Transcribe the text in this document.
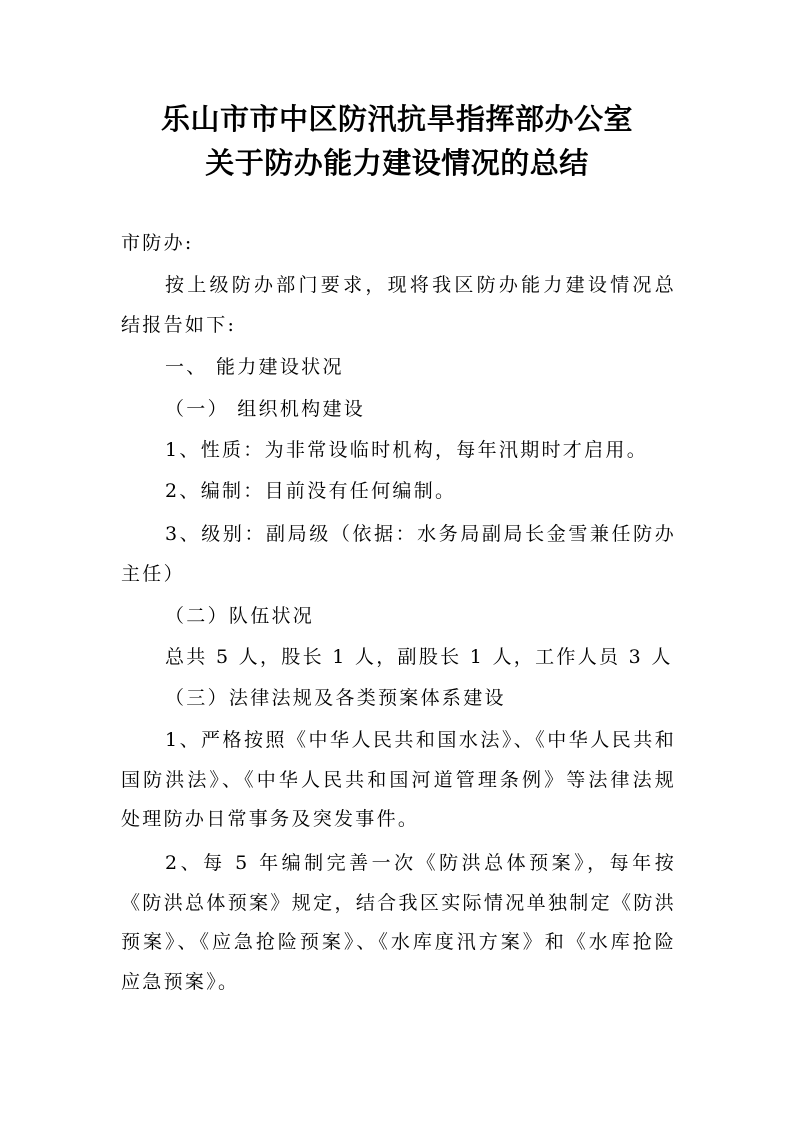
乐山市市中区防汛抗旱指挥部办公室
关于防办能力建设情况的总结
市防办:
按上级防办部门要求，现将我区防办能力建设情况总结报告如下:
一、 能力建设状况
（一） 组织机构建设
1、性质：为非常设临时机构，每年汛期时才启用。
2、编制：目前没有任何编制。
3、级别：副局级（依据：水务局副局长金雪兼任防办主任）
（二）队伍状况
总共 5 人，股长 1 人，副股长 1 人，工作人员 3 人
（三）法律法规及各类预案体系建设
1、严格按照《中华人民共和国水法》、《中华人民共和国防洪法》、《中华人民共和国河道管理条例》等法律法规处理防办日常事务及突发事件。
2、每 5 年编制完善一次《防洪总体预案》，每年按《防洪总体预案》规定，结合我区实际情况单独制定《防洪预案》、《应急抢险预案》、《水库度汛方案》和《水库抢险应急预案》。
